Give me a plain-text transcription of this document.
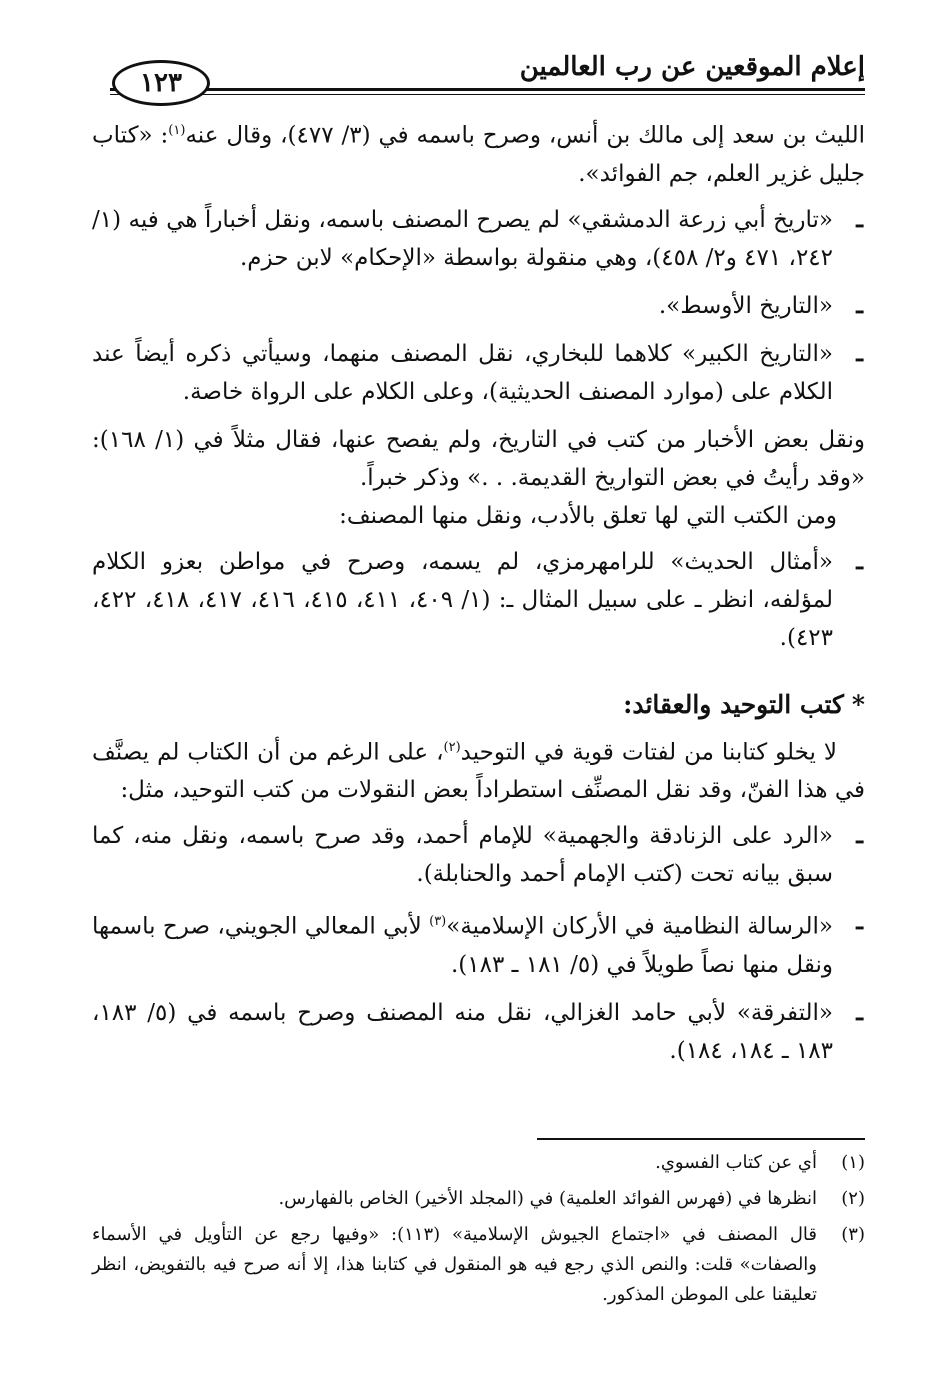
إعلام الموقعين عن رب العالمين
١٢٣

الليث بن سعد إلى مالك بن أنس، وصرح باسمه في (٣/ ٤٧٧)، وقال عنه$^{(١)}$: «كتاب جليل غزير العلم، جم الفوائد».

ـ
«تاريخ أبي زرعة الدمشقي» لم يصرح المصنف باسمه، ونقل أخباراً هي فيه (١/ ٢٤٢، ٤٧١ و٢/ ٤٥٨)، وهي منقولة بواسطة «الإحكام» لابن حزم.
ـ
«التاريخ الأوسط».
ـ
«التاريخ الكبير» كلاهما للبخاري، نقل المصنف منهما، وسيأتي ذكره أيضاً عند الكلام على (موارد المصنف الحديثية)، وعلى الكلام على الرواة خاصة.

ونقل بعض الأخبار من كتب في التاريخ، ولم يفصح عنها، فقال مثلاً في (١/ ١٦٨): «وقد رأيتُ في بعض التواريخ القديمة. . .» وذكر خبراً.

ومن الكتب التي لها تعلق بالأدب، ونقل منها المصنف:

ـ
«أمثال الحديث» للرامهرمزي، لم يسمه، وصرح في مواطن بعزو الكلام لمؤلفه، انظر ـ على سبيل المثال ـ: (١/ ٤٠٩، ٤١١، ٤١٥، ٤١٦، ٤١٧، ٤١٨، ٤٢٢، ٤٢٣).
*كتب التوحيد والعقائد:

لا يخلو كتابنا من لفتات قوية في التوحيد$^{(٢)}$، على الرغم من أن الكتاب لم يصنَّف في هذا الفنّ، وقد نقل المصنِّف استطراداً بعض النقولات من كتب التوحيد، مثل:

ـ
«الرد على الزنادقة والجهمية» للإمام أحمد، وقد صرح باسمه، ونقل منه، كما سبق بيانه تحت (كتب الإمام أحمد والحنابلة).
ـ
«الرسالة النظامية في الأركان الإسلامية»$^{(٣)}$ لأبي المعالي الجويني، صرح باسمها ونقل منها نصاً طويلاً في (٥/ ١٨١ ـ ١٨٣).
ـ
«التفرقة» لأبي حامد الغزالي، نقل منه المصنف وصرح باسمه في (٥/ ١٨٣، ١٨٣ ـ ١٨٤، ١٨٤).
(١)
أي عن كتاب الفسوي.
(٢)
انظرها في (فهرس الفوائد العلمية) في (المجلد الأخير) الخاص بالفهارس.
(٣)
قال المصنف في «اجتماع الجيوش الإسلامية» (١١٣): «وفيها رجع عن التأويل في الأسماء والصفات» قلت: والنص الذي رجع فيه هو المنقول في كتابنا هذا، إلا أنه صرح فيه بالتفويض، انظر تعليقنا على الموطن المذكور.
